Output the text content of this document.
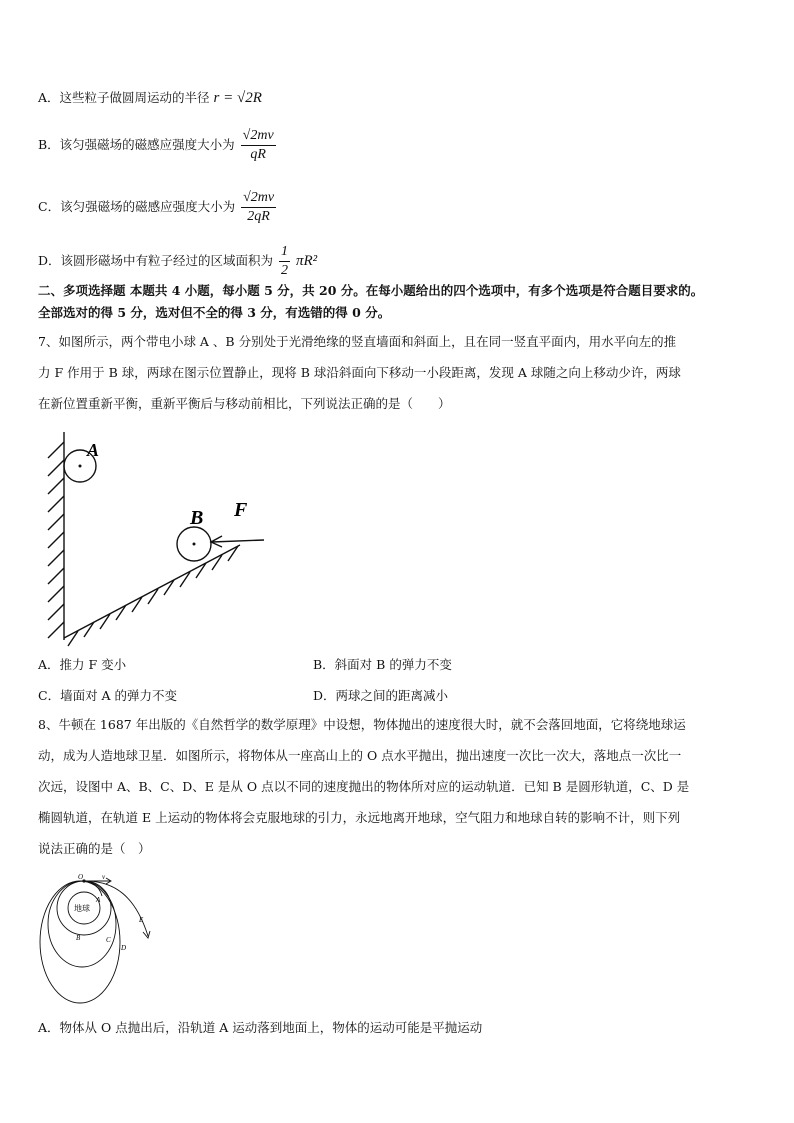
A．这些粒子做圆周运动的半径 r = √2R
B．该匀强磁场的磁感应强度大小为 $\frac{√2mv}{qR}$
C．该匀强磁场的磁感应强度大小为 $\frac{√2mv}{2qR}$
D．该圆形磁场中有粒子经过的区域面积为 $\frac{1}{2} \pi R^2$
二、多项选择题 本题共 4 小题，每小题 5 分，共 20 分。在每小题给出的四个选项中，有多个选项是符合题目要求的。
全部选对的得 5 分，选对但不全的得 3 分，有选错的得 0 分。
7、如图所示，两个带电小球 A 、B 分别处于光滑绝缘的竖直墙面和斜面上，且在同一竖直平面内，用水平向左的推
力 F 作用于 B 球，两球在图示位置静止，现将 B 球沿斜面向下移动一小段距离，发现 A 球随之向上移动少许，两球
在新位置重新平衡，重新平衡后与移动前相比，下列说法正确的是（　　）
A
B F
A．推力 F 变小	B．斜面对 B 的弹力不变
C．墙面对 A 的弹力不变	D．两球之间的距离减小
8、牛顿在 1687 年出版的《自然哲学的数学原理》中设想，物体抛出的速度很大时，就不会落回地面，它将绕地球运
动，成为人造地球卫星．如图所示，将物体从一座高山上的 O 点水平抛出，抛出速度一次比一次大，落地点一次比一
次远，设图中 A、B、C、D、E 是从 O 点以不同的速度抛出的物体所对应的运动轨道．已知 B 是圆形轨道，C、D 是
椭圆轨道，在轨道 E 上运动的物体将会克服地球的引力，永远地离开地球，空气阻力和地球自转的影响不计，则下列
说法正确的是（　）
O	v
地球
A
B	C
D
E
A．物体从 O 点抛出后，沿轨道 A 运动落到地面上，物体的运动可能是平抛运动
